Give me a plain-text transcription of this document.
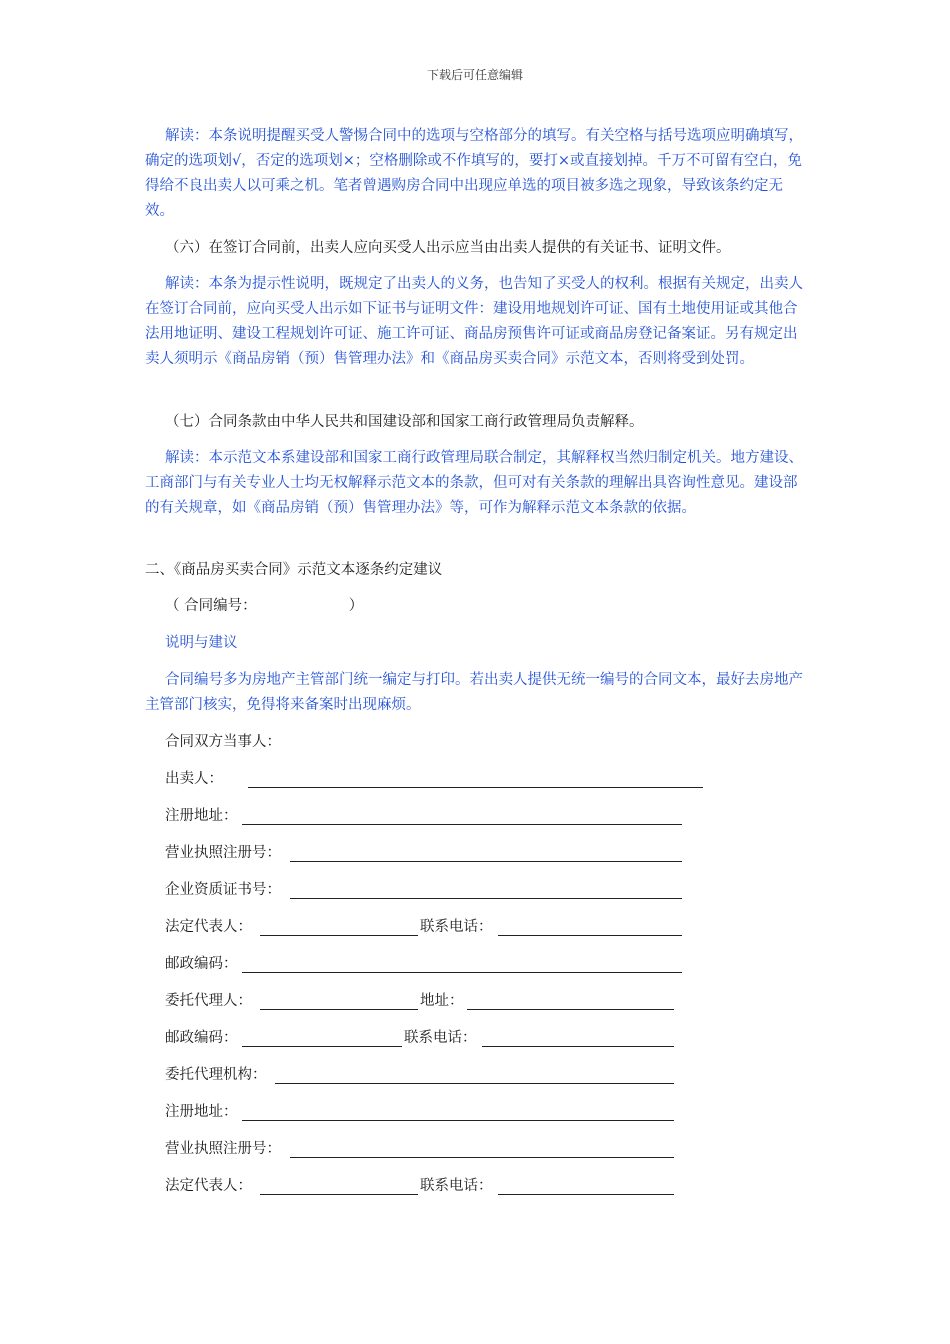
下载后可任意编辑
解读：本条说明提醒买受人警惕合同中的选项与空格部分的填写。有关空格与括号选项应明确填写，确定的选项划√，否定的选项划×；空格删除或不作填写的，要打×或直接划掉。千万不可留有空白，免得给不良出卖人以可乘之机。笔者曾遇购房合同中出现应单选的项目被多选之现象，导致该条约定无效。
（六）在签订合同前，出卖人应向买受人出示应当由出卖人提供的有关证书、证明文件。
解读：本条为提示性说明，既规定了出卖人的义务，也告知了买受人的权利。根据有关规定，出卖人在签订合同前，应向买受人出示如下证书与证明文件：建设用地规划许可证、国有土地使用证或其他合法用地证明、建设工程规划许可证、施工许可证、商品房预售许可证或商品房登记备案证。另有规定出卖人须明示《商品房销（预）售管理办法》和《商品房买卖合同》示范文本，否则将受到处罚。
（七）合同条款由中华人民共和国建设部和国家工商行政管理局负责解释。
解读：本示范文本系建设部和国家工商行政管理局联合制定，其解释权当然归制定机关。地方建设、工商部门与有关专业人士均无权解释示范文本的条款，但可对有关条款的理解出具咨询性意见。建设部的有关规章，如《商品房销（预）售管理办法》等，可作为解释示范文本条款的依据。
二、《商品房买卖合同》示范文本逐条约定建议
（ 合同编号：                    ）
说明与建议
合同编号多为房地产主管部门统一编定与打印。若出卖人提供无统一编号的合同文本，最好去房地产主管部门核实，免得将来备案时出现麻烦。
合同双方当事人：
出卖人：
注册地址：
营业执照注册号：
企业资质证书号：
法定代表人：	联系电话：
邮政编码：
委托代理人：	地址：
邮政编码：	联系电话：
委托代理机构：
注册地址：
营业执照注册号：
法定代表人：	联系电话：
